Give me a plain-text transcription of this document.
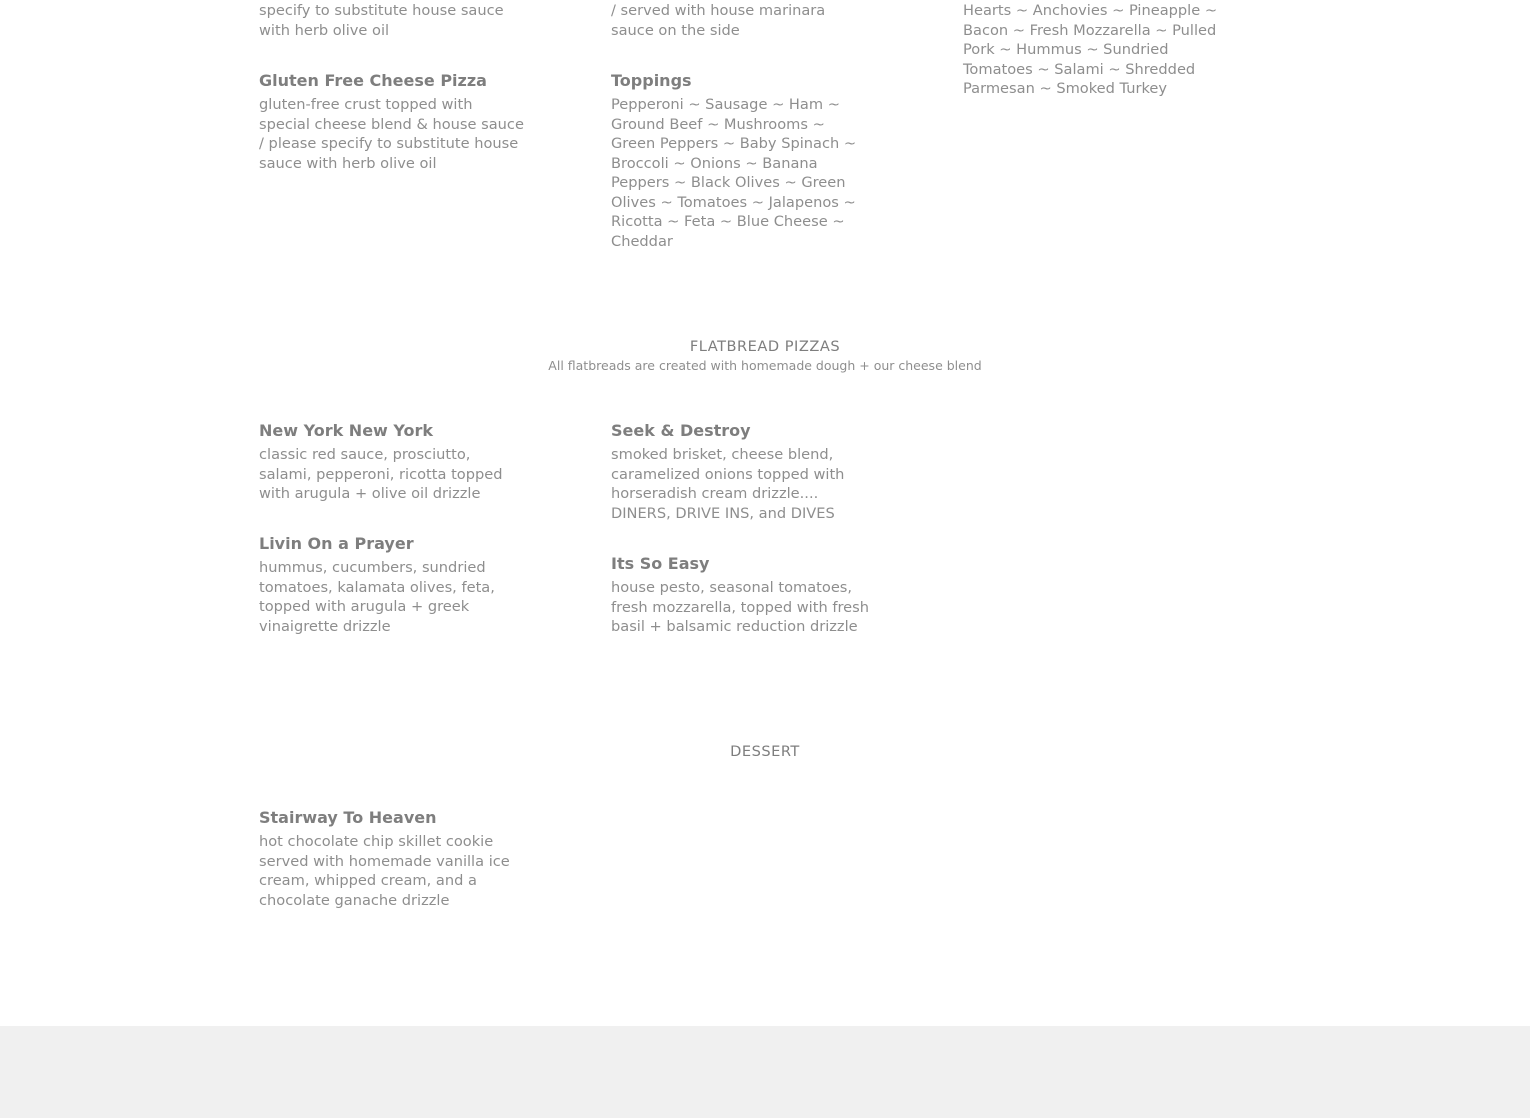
specify to substitute house sauce with herb olive oil

/ served with house marinara sauce on the side

Hearts ~ Anchovies ~ Pineapple ~ Bacon ~ Fresh Mozzarella ~ Pulled Pork ~ Hummus ~ Sundried Tomatoes ~ Salami ~ Shredded Parmesan ~ Smoked Turkey

Gluten Free Cheese Pizza

gluten-free crust topped with special cheese blend & house sauce / please specify to substitute house sauce with herb olive oil

Toppings

Pepperoni ~ Sausage ~ Ham ~ Ground Beef ~ Mushrooms ~ Green Peppers ~ Baby Spinach ~ Broccoli ~ Onions ~ Banana Peppers ~ Black Olives ~ Green Olives ~ Tomatoes ~ Jalapenos ~ Ricotta ~ Feta ~ Blue Cheese ~ Cheddar

FLATBREAD PIZZAS
All flatbreads are created with homemade dough + our cheese blend
New York New York

classic red sauce, prosciutto, salami, pepperoni, ricotta topped with arugula + olive oil drizzle

Seek & Destroy

smoked brisket, cheese blend, caramelized onions topped with horseradish cream drizzle.... DINERS, DRIVE INS, and DIVES

Livin On a Prayer

hummus, cucumbers, sundried tomatoes, kalamata olives, feta, topped with arugula + greek vinaigrette drizzle

Its So Easy

house pesto, seasonal tomatoes, fresh mozzarella, topped with fresh basil + balsamic reduction drizzle

DESSERT
Stairway To Heaven

hot chocolate chip skillet cookie served with homemade vanilla ice cream, whipped cream, and a chocolate ganache drizzle
